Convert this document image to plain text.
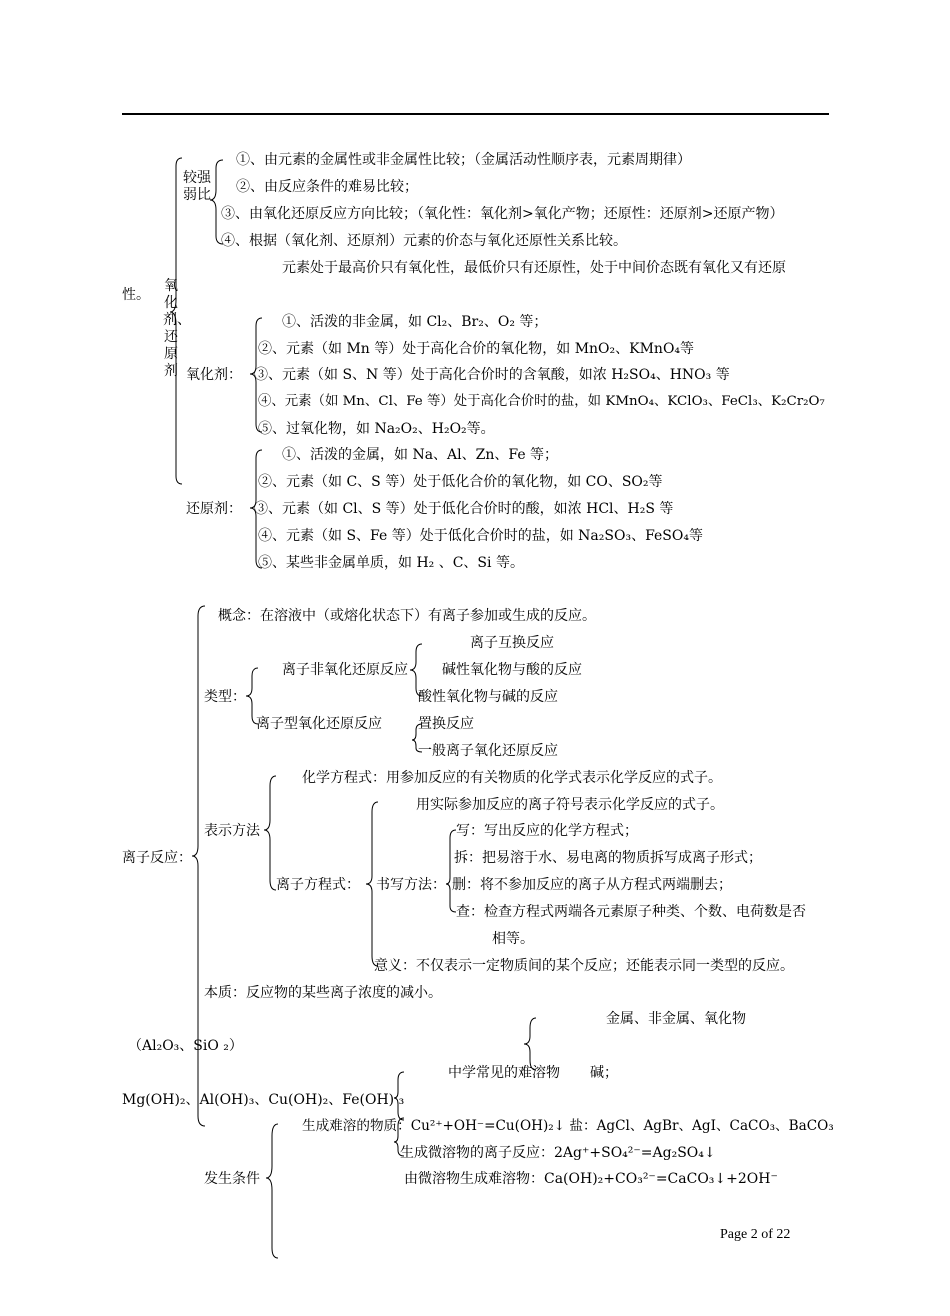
较强弱比
①、由元素的金属性或非金属性比较；（金属活动性顺序表，元素周期律）
②、由反应条件的难易比较；
③、由氧化还原反应方向比较；（氧化性：氧化剂>氧化产物；还原性：还原剂>还原产物）
④、根据（氧化剂、还原剂）元素的价态与氧化还原性关系比较。
元素处于最高价只有氧化性，最低价只有还原性，处于中间价态既有氧化又有还原
性。
氧化剂、还原剂 氧化剂：
①、活泼的非金属，如 Cl₂、Br₂、O₂ 等；
②、元素（如 Mn 等）处于高化合价的氧化物，如 MnO₂、KMnO₄等
③、元素（如 S、N 等）处于高化合价时的含氧酸，如浓 H₂SO₄、HNO₃ 等
④、元素（如 Mn、Cl、Fe 等）处于高化合价时的盐，如 KMnO₄、KClO₃、FeCl₃、K₂Cr₂O₇
⑤、过氧化物，如 Na₂O₂、H₂O₂等。
还原剂：
①、活泼的金属，如 Na、Al、Zn、Fe 等；
②、元素（如 C、S 等）处于低化合价的氧化物，如 CO、SO₂等
③、元素（如 Cl、S 等）处于低化合价时的酸，如浓 HCl、H₂S 等
④、元素（如 S、Fe 等）处于低化合价时的盐，如 Na₂SO₃、FeSO₄等
⑤、某些非金属单质，如 H₂ 、C、Si 等。
概念：在溶液中（或熔化状态下）有离子参加或生成的反应。
离子互换反应
离子非氧化还原反应 碱性氧化物与酸的反应
类型：	酸性氧化物与碱的反应
离子型氧化还原反应	置换反应
一般离子氧化还原反应
化学方程式：用参加反应的有关物质的化学式表示化学反应的式子。
用实际参加反应的离子符号表示化学反应的式子。
表示方法	写：写出反应的化学方程式；
离子反应：	拆：把易溶于水、易电离的物质拆写成离子形式；
离子方程式： 书写方法： 删：将不参加反应的离子从方程式两端删去；
查：检查方程式两端各元素原子种类、个数、电荷数是否
相等。
意义：不仅表示一定物质间的某个反应；还能表示同一类型的反应。
本质：反应物的某些离子浓度的减小。
金属、非金属、氧化物
（Al₂O₃、SiO ₂）
中学常见的难溶物 碱；
Mg(OH)₂、Al(OH)₃、Cu(OH)₂、Fe(OH) ₃
生成难溶的物质：Cu²⁺+OH⁻=Cu(OH)₂↓ 盐：AgCl、AgBr、AgI、CaCO₃、BaCO₃
生成微溶物的离子反应：2Ag⁺+SO₄²⁻=Ag₂SO₄↓
发生条件	由微溶物生成难溶物：Ca(OH)₂+CO₃²⁻=CaCO₃↓+2OH⁻
Page 2 of 22
